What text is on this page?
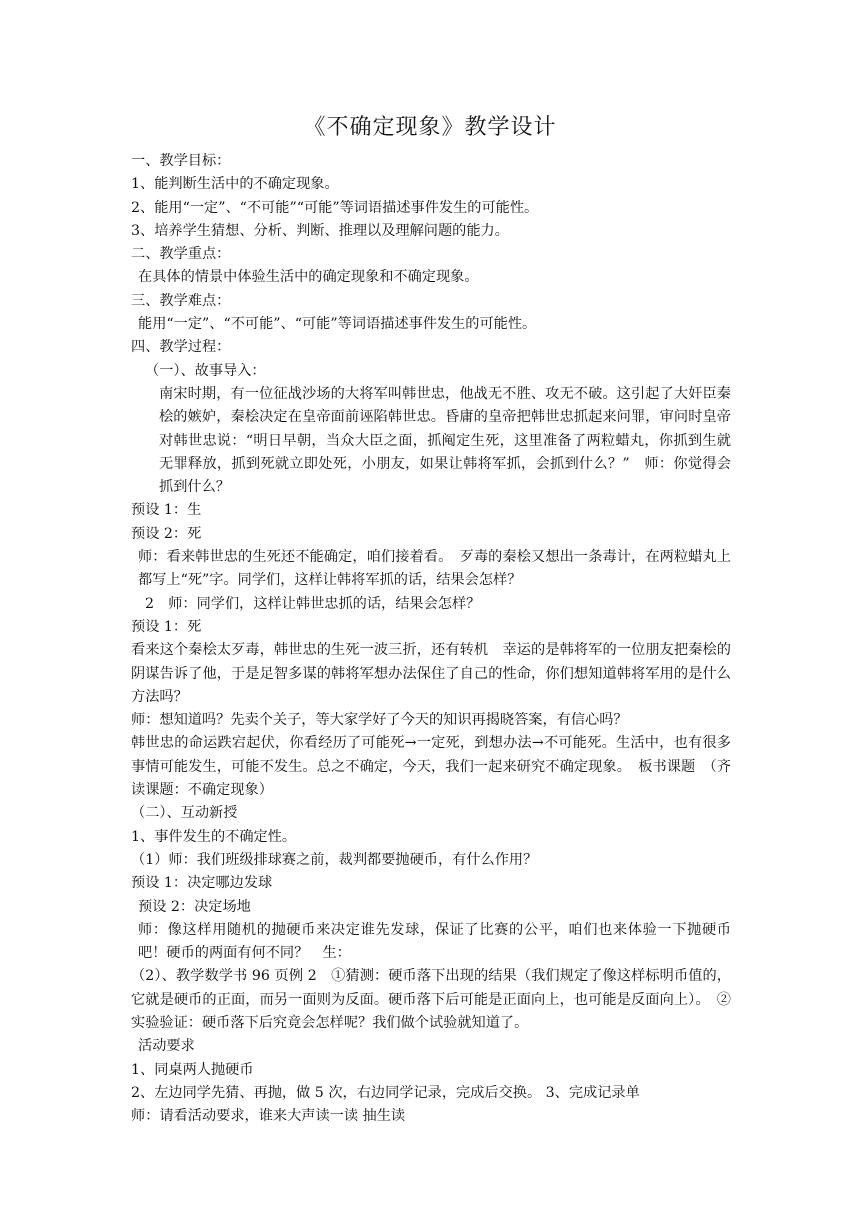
《不确定现象》教学设计

一、教学目标：

1、能判断生活中的不确定现象。

2、能用“一定”、“不可能”“可能”等词语描述事件发生的可能性。

3、培养学生猜想、分析、判断、推理以及理解问题的能力。

二、教学重点：

在具体的情景中体验生活中的确定现象和不确定现象。

三、教学难点：

能用“一定”、“不可能”、“可能”等词语描述事件发生的可能性。

四、教学过程：

（一）、故事导入：

南宋时期，有一位征战沙场的大将军叫韩世忠，他战无不胜、攻无不破。这引起了大奸臣秦桧的嫉妒，秦桧决定在皇帝面前诬陷韩世忠。昏庸的皇帝把韩世忠抓起来问罪，审问时皇帝对韩世忠说：“明日早朝，当众大臣之面，抓阄定生死，这里准备了两粒蜡丸，你抓到生就无罪释放，抓到死就立即处死，小朋友，如果让韩将军抓，会抓到什么？”　师：你觉得会抓到什么？

预设 1：生

预设 2：死

师：看来韩世忠的生死还不能确定，咱们接着看。　歹毒的秦桧又想出一条毒计，在两粒蜡丸上都写上“死”字。同学们，这样让韩将军抓的话，结果会怎样？

2　师：同学们，这样让韩世忠抓的话，结果会怎样？

预设 1：死

看来这个秦桧太歹毒，韩世忠的生死一波三折，还有转机　幸运的是韩将军的一位朋友把秦桧的阴谋告诉了他，于是足智多谋的韩将军想办法保住了自己的性命，你们想知道韩将军用的是什么方法吗？

师：想知道吗？先卖个关子，等大家学好了今天的知识再揭晓答案，有信心吗？

韩世忠的命运跌宕起伏，你看经历了可能死→一定死，到想办法→不可能死。生活中，也有很多事情可能发生，可能不发生。总之不确定，今天，我们一起来研究不确定现象。　板书课题　（齐读课题：不确定现象）

（二）、互动新授

1、事件发生的不确定性。

（1）师：我们班级排球赛之前，裁判都要抛硬币，有什么作用？

预设 1：决定哪边发球

预设 2：决定场地

师：像这样用随机的抛硬币来决定谁先发球，保证了比赛的公平，咱们也来体验一下抛硬币吧！硬币的两面有何不同？　生：

（2）、教学数学书 96 页例 2　①猜测：硬币落下出现的结果（我们规定了像这样标明币值的，它就是硬币的正面，而另一面则为反面。硬币落下后可能是正面向上，也可能是反面向上）。　②实验验证：硬币落下后究竟会怎样呢？我们做个试验就知道了。

活动要求

1、同桌两人抛硬币

2、左边同学先猜、再抛，做 5 次，右边同学记录，完成后交换。 3、完成记录单

师：请看活动要求，谁来大声读一读 抽生读
